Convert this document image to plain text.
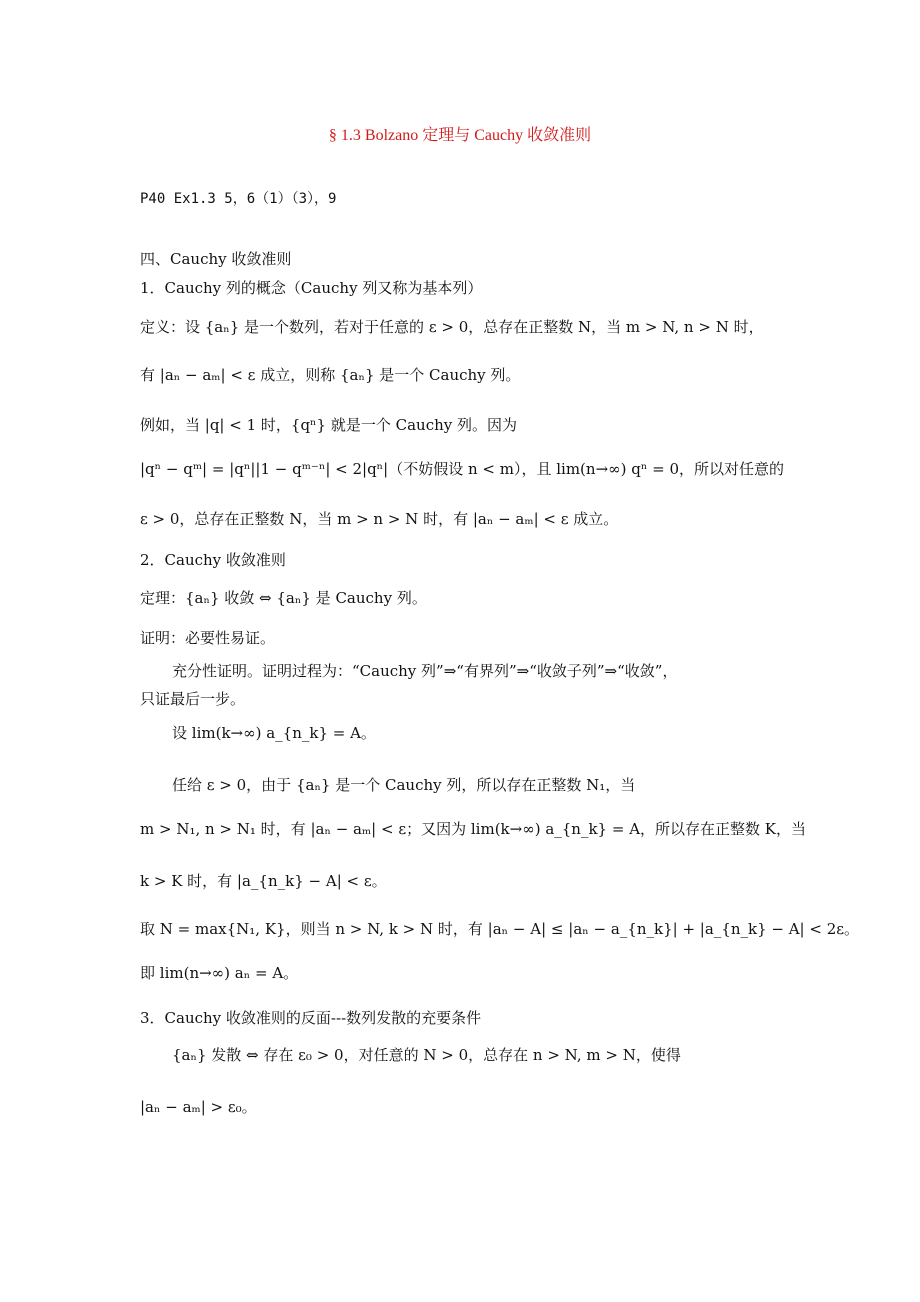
§ 1.3 Bolzano 定理与 Cauchy 收敛准则
P40 Ex1.3 5，6（1）（3），9
四、Cauchy 收敛准则
1．Cauchy 列的概念（Cauchy 列又称为基本列）
定义：设 {aₙ} 是一个数列，若对于任意的 ε > 0，总存在正整数 N，当 m > N, n > N 时，
有 |aₙ − aₘ| < ε 成立，则称 {aₙ} 是一个 Cauchy 列。
例如，当 |q| < 1 时，{qⁿ} 就是一个 Cauchy 列。因为
|qⁿ − qᵐ| = |qⁿ||1 − qᵐ⁻ⁿ| < 2|qⁿ|（不妨假设 n < m），且 lim(n→∞) qⁿ = 0，所以对任意的
ε > 0，总存在正整数 N，当 m > n > N 时，有 |aₙ − aₘ| < ε 成立。
2．Cauchy 收敛准则
定理：{aₙ} 收敛 ⇔ {aₙ} 是 Cauchy 列。
证明：必要性易证。
充分性证明。证明过程为：“Cauchy 列”⇒“有界列”⇒“收敛子列”⇒“收敛”，
只证最后一步。
设 lim(k→∞) a_{n_k} = A。
任给 ε > 0，由于 {aₙ} 是一个 Cauchy 列，所以存在正整数 N₁，当
m > N₁, n > N₁ 时，有 |aₙ − aₘ| < ε；又因为 lim(k→∞) a_{n_k} = A，所以存在正整数 K，当
k > K 时，有 |a_{n_k} − A| < ε。
取 N = max{N₁, K}，则当 n > N, k > N 时，有 |aₙ − A| ≤ |aₙ − a_{n_k}| + |a_{n_k} − A| < 2ε。
即 lim(n→∞) aₙ = A。
3．Cauchy 收敛准则的反面---数列发散的充要条件
{aₙ} 发散 ⇔ 存在 ε₀ > 0，对任意的 N > 0，总存在 n > N, m > N，使得
|aₙ − aₘ| > ε₀。
